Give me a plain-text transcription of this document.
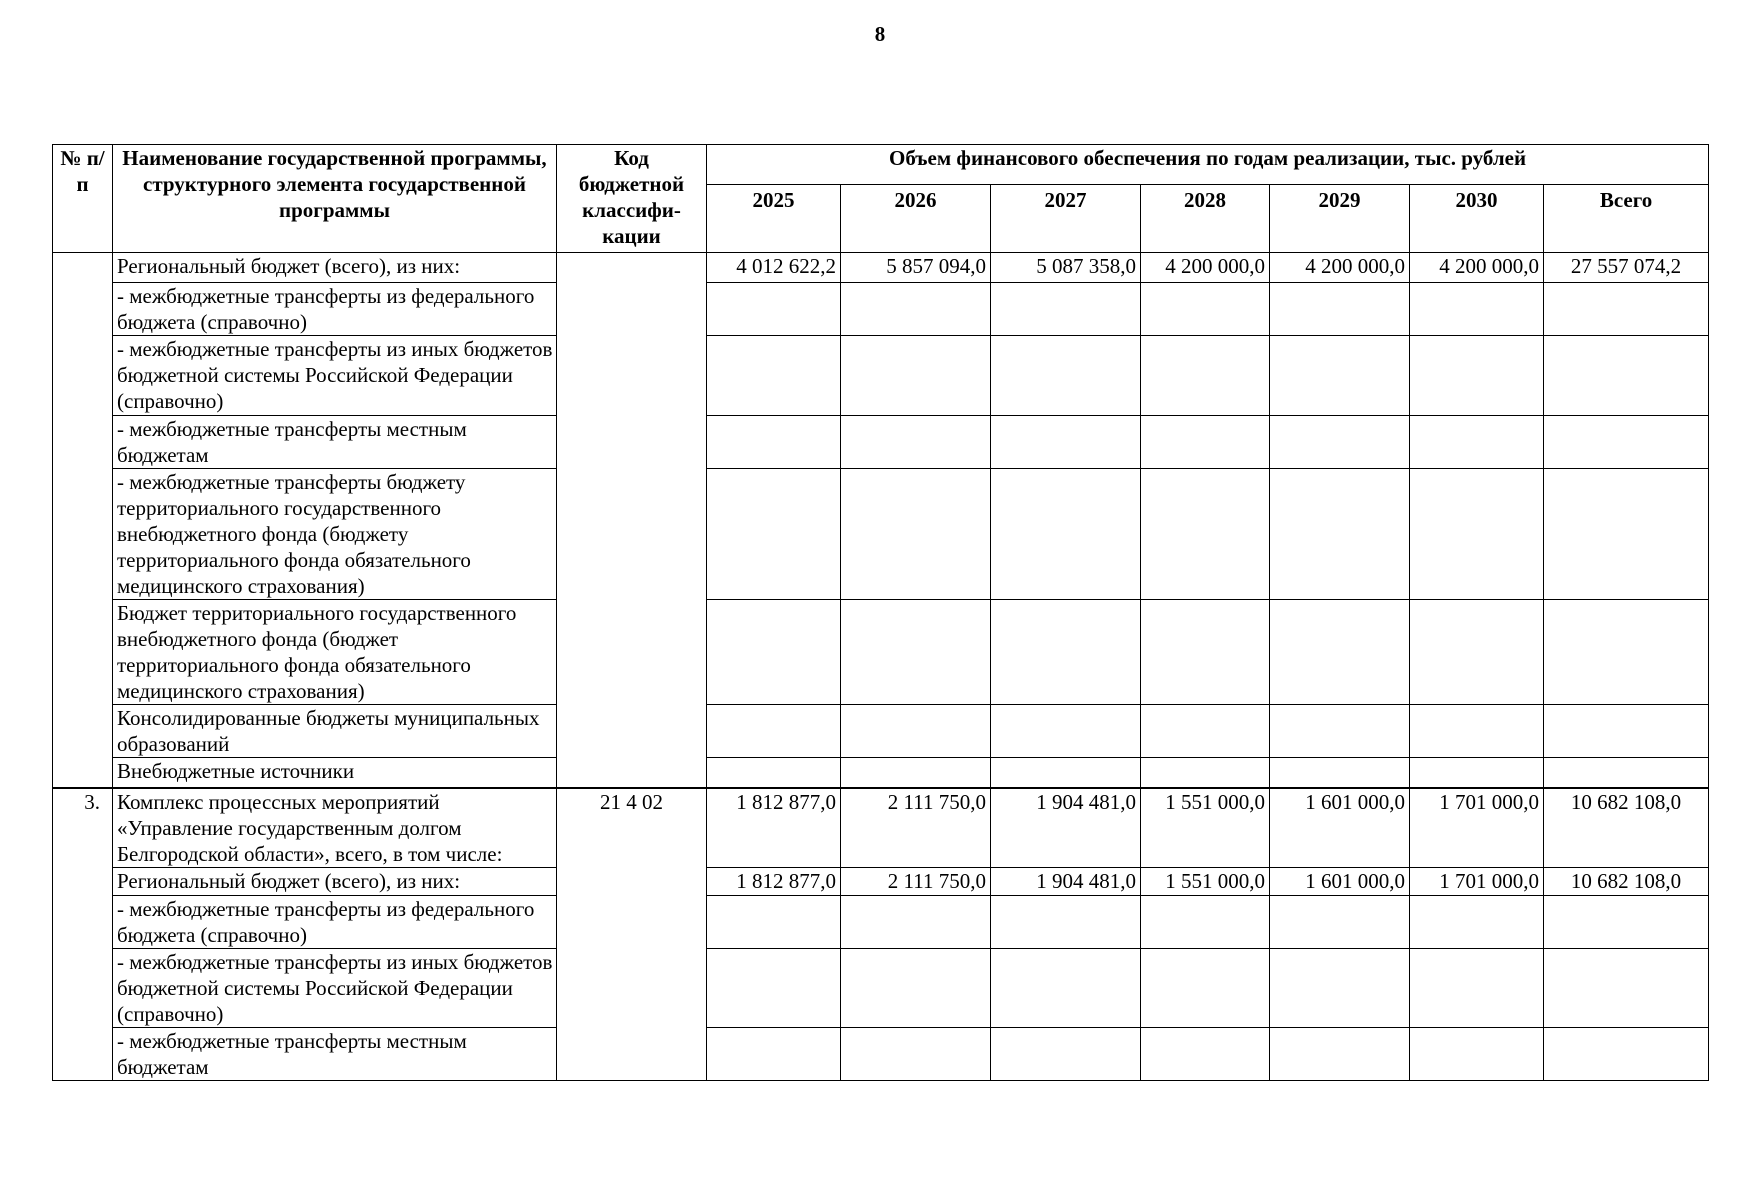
8
№ п/п	Наименование государственной программы, структурного элемента государственной программы	Код бюджетной классифи-кации	Объем финансового обеспечения по годам реализации, тыс. рублей						
			2025	2026	2027	2028	2029	2030	Всего
	Региональный бюджет (всего), из них:		4 012 622,2	5 857 094,0	5 087 358,0	4 200 000,0	4 200 000,0	4 200 000,0	27 557 074,2
	- межбюджетные трансферты из федерального бюджета (справочно)								
	- межбюджетные трансферты из иных бюджетов бюджетной системы Российской Федерации (справочно)								
	- межбюджетные трансферты местным бюджетам								
	- межбюджетные трансферты бюджету территориального государственного внебюджетного фонда (бюджету территориального фонда обязательного медицинского страхования)								
	Бюджет территориального государственного внебюджетного фонда (бюджет территориального фонда обязательного медицинского страхования)								
	Консолидированные бюджеты муниципальных образований								
	Внебюджетные источники								
3.	Комплекс процессных мероприятий «Управление государственным долгом Белгородской области», всего, в том числе:	21 4 02	1 812 877,0	2 111 750,0	1 904 481,0	1 551 000,0	1 601 000,0	1 701 000,0	10 682 108,0
	Региональный бюджет (всего), из них:		1 812 877,0	2 111 750,0	1 904 481,0	1 551 000,0	1 601 000,0	1 701 000,0	10 682 108,0
	- межбюджетные трансферты из федерального бюджета (справочно)								
	- межбюджетные трансферты из иных бюджетов бюджетной системы Российской Федерации (справочно)								
	- межбюджетные трансферты местным бюджетам								
